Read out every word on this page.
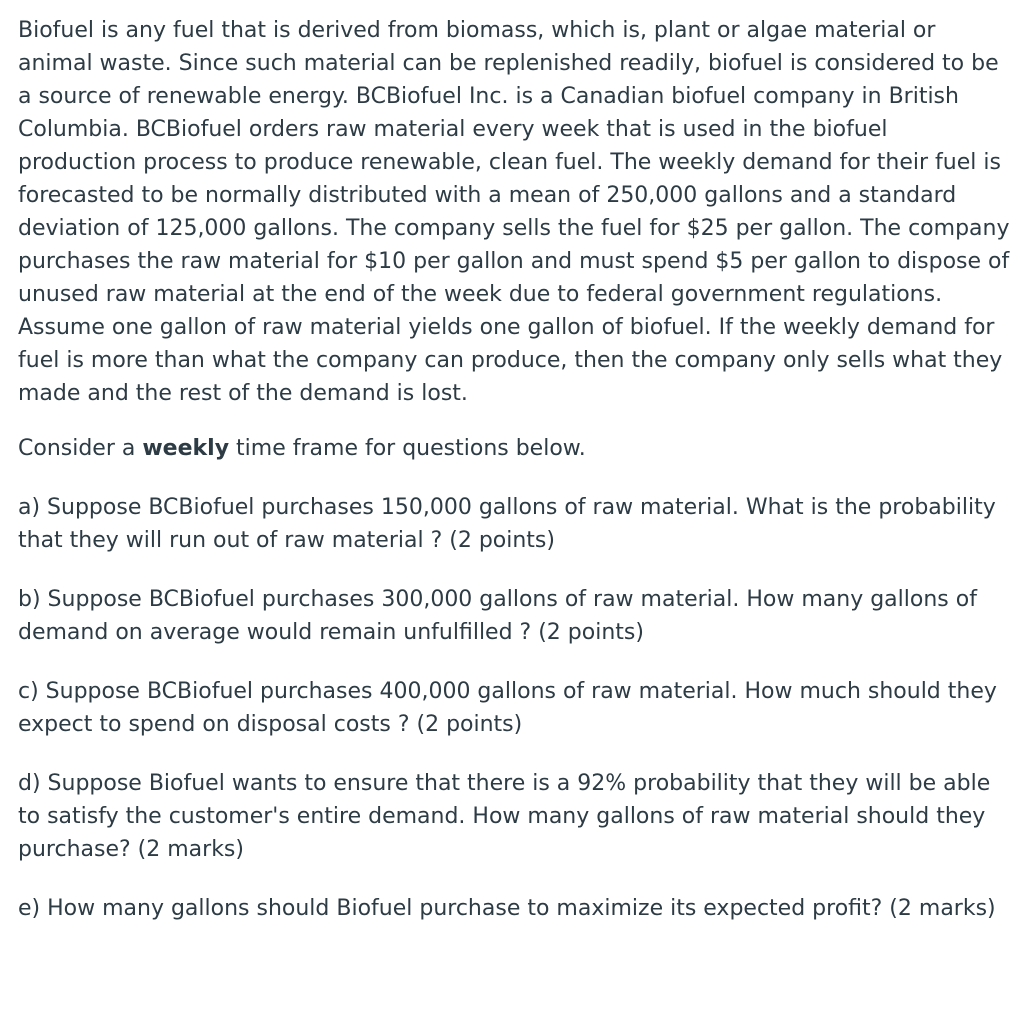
Biofuel is any fuel that is derived from biomass, which is, plant or algae material or animal waste. Since such material can be replenished readily, biofuel is considered to be a source of renewable energy. BCBiofuel Inc. is a Canadian biofuel company in British Columbia. BCBiofuel orders raw material every week that is used in the biofuel production process to produce renewable, clean fuel. The weekly demand for their fuel is forecasted to be normally distributed with a mean of 250,000 gallons and a standard deviation of 125,000 gallons. The company sells the fuel for $25 per gallon. The company purchases the raw material for $10 per gallon and must spend $5 per gallon to dispose of unused raw material at the end of the week due to federal government regulations. Assume one gallon of raw material yields one gallon of biofuel. If the weekly demand for fuel is more than what the company can produce, then the company only sells what they made and the rest of the demand is lost.

Consider a weekly time frame for questions below.

a) Suppose BCBiofuel purchases 150,000 gallons of raw material. What is the probability that they will run out of raw material ? (2 points)

b) Suppose BCBiofuel purchases 300,000 gallons of raw material. How many gallons of demand on average would remain unfulfilled ? (2 points)

c) Suppose BCBiofuel purchases 400,000 gallons of raw material. How much should they expect to spend on disposal costs ? (2 points)

d) Suppose Biofuel wants to ensure that there is a 92% probability that they will be able to satisfy the customer's entire demand. How many gallons of raw material should they purchase? (2 marks)

e) How many gallons should Biofuel purchase to maximize its expected profit? (2 marks)
